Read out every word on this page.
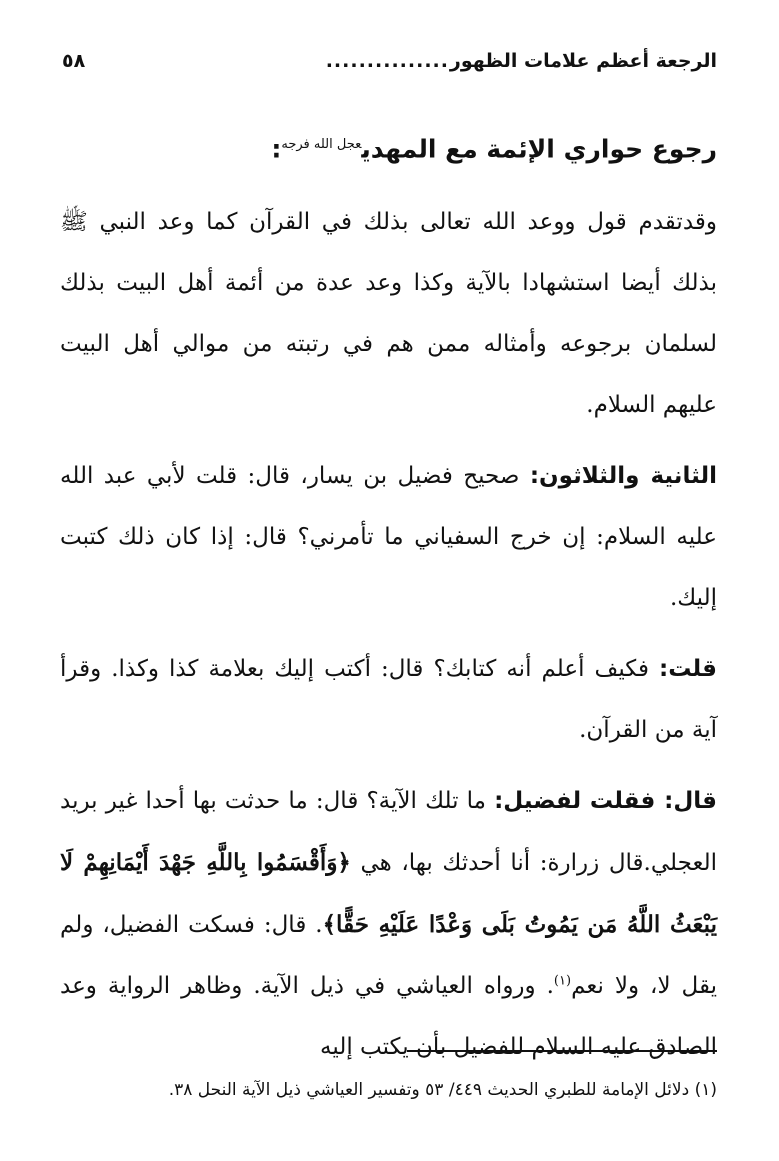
الرجعة أعظم علامات الظهور
...............
٥٨
رجوع حواري الإئمة مع المهدي$^{عجل الله فرجه}$:

وقدتقدم قول ووعد الله تعالى بذلك في القرآن كما وعد النبي ﷺ بذلك أيضا استشهادا بالآية وكذا وعد عدة من أئمة أهل البيت بذلك لسلمان برجوعه وأمثاله ممن هم في رتبته من موالي أهل البيت عليهم السلام.

الثانية والثلاثون: صحيح فضيل بن يسار، قال: قلت لأبي عبد الله عليه السلام: إن خرج السفياني ما تأمرني؟ قال: إذا كان ذلك كتبت إليك.

قلت: فكيف أعلم أنه كتابك؟ قال: أكتب إليك بعلامة كذا وكذا. وقرأ آية من القرآن.

قال: فقلت لفضيل: ما تلك الآية؟ قال: ما حدثت بها أحدا غير بريد العجلي.قال زرارة: أنا أحدثك بها، هي ﴿وَأَقْسَمُوا بِاللَّهِ جَهْدَ أَيْمَانِهِمْ لَا يَبْعَثُ اللَّهُ مَن يَمُوتُ بَلَى وَعْدًا عَلَيْهِ حَقًّا﴾. قال: فسكت الفضيل، ولم يقل لا، ولا نعم$^{(١)}$. ورواه العياشي في ذيل الآية. وظاهر الرواية وعد الصادق عليه السلام للفضيل بأن يكتب إليه

(١) دلائل الإمامة للطبري الحديث ٤٤٩/ ٥٣ وتفسير العياشي ذيل الآية النحل ٣٨.
